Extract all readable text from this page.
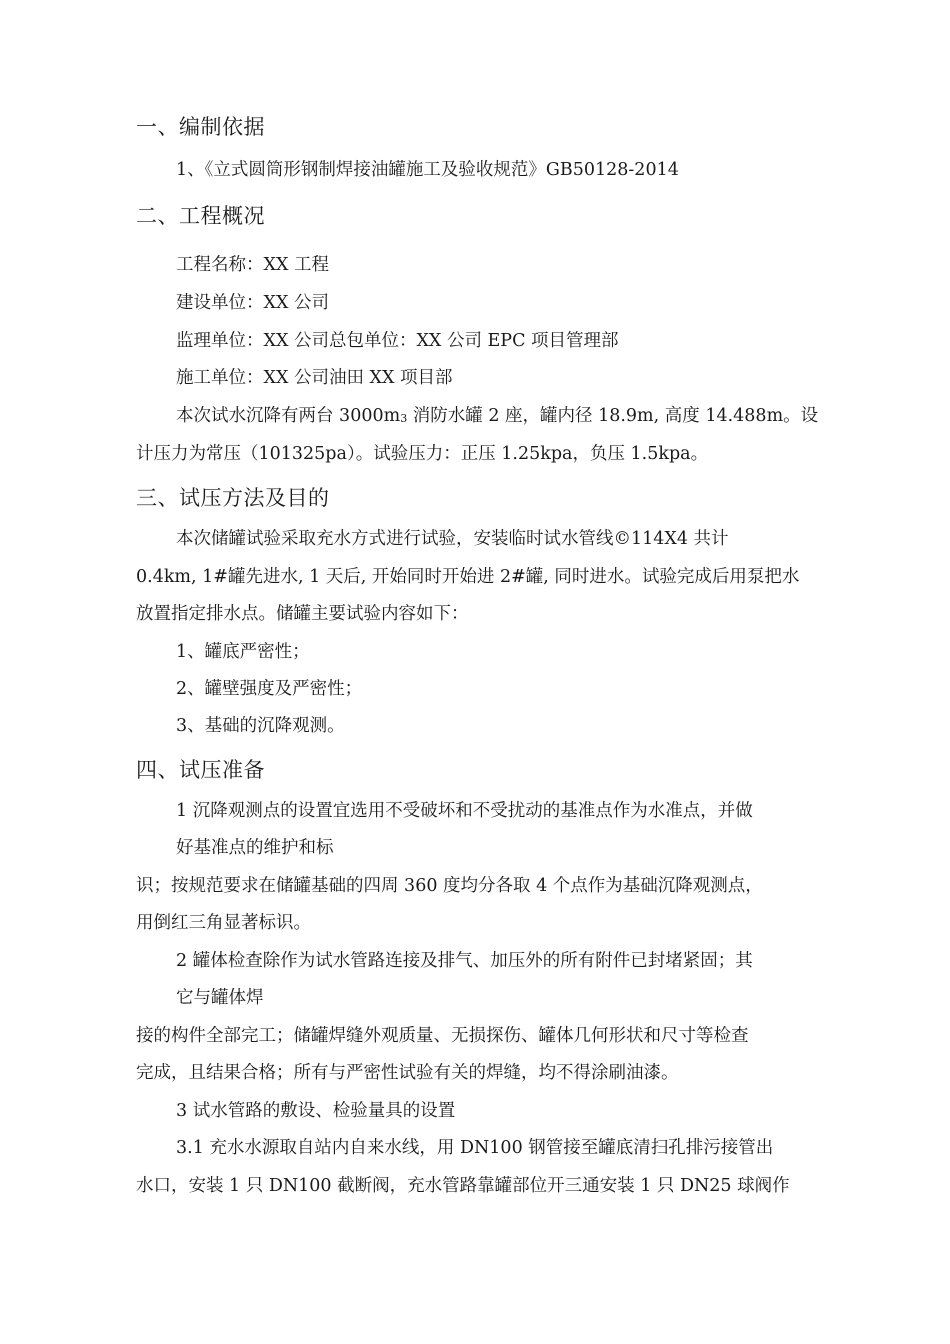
一、编制依据
1、《立式圆筒形钢制焊接油罐施工及验收规范》GB50128-2014
二、工程概况
工程名称：XX 工程
建设单位：XX 公司
监理单位：XX 公司总包单位：XX 公司 EPC 项目管理部
施工单位：XX 公司油田 XX 项目部
本次试水沉降有两台 $3000m_3$ 消防水罐 2 座，罐内径 18.9m, 高度 14.488m。设
计压力为常压（101325pa）。试验压力：正压 1.25kpa，负压 1.5kpa。
三、试压方法及目的
本次储罐试验采取充水方式进行试验，安装临时试水管线©114X4 共计
0.4km, 1#罐先进水, 1 天后, 开始同时开始进 2#罐, 同时进水。试验完成后用泵把水
放置指定排水点。储罐主要试验内容如下：
1、罐底严密性；
2、罐壁强度及严密性；
3、基础的沉降观测。
四、试压准备
1 沉降观测点的设置宜选用不受破坏和不受扰动的基准点作为水准点，并做
好基准点的维护和标
识；按规范要求在储罐基础的四周 360 度均分各取 4 个点作为基础沉降观测点，
用倒红三角显著标识。
2 罐体检查除作为试水管路连接及排气、加压外的所有附件已封堵紧固；其
它与罐体焊
接的构件全部完工；储罐焊缝外观质量、无损探伤、罐体几何形状和尺寸等检查
完成，且结果合格；所有与严密性试验有关的焊缝，均不得涂刷油漆。
3 试水管路的敷设、检验量具的设置
3.1 充水水源取自站内自来水线，用 DN100 钢管接至罐底清扫孔排污接管出
水口，安装 1 只 DN100 截断阀，充水管路靠罐部位开三通安装 1 只 DN25 球阀作
